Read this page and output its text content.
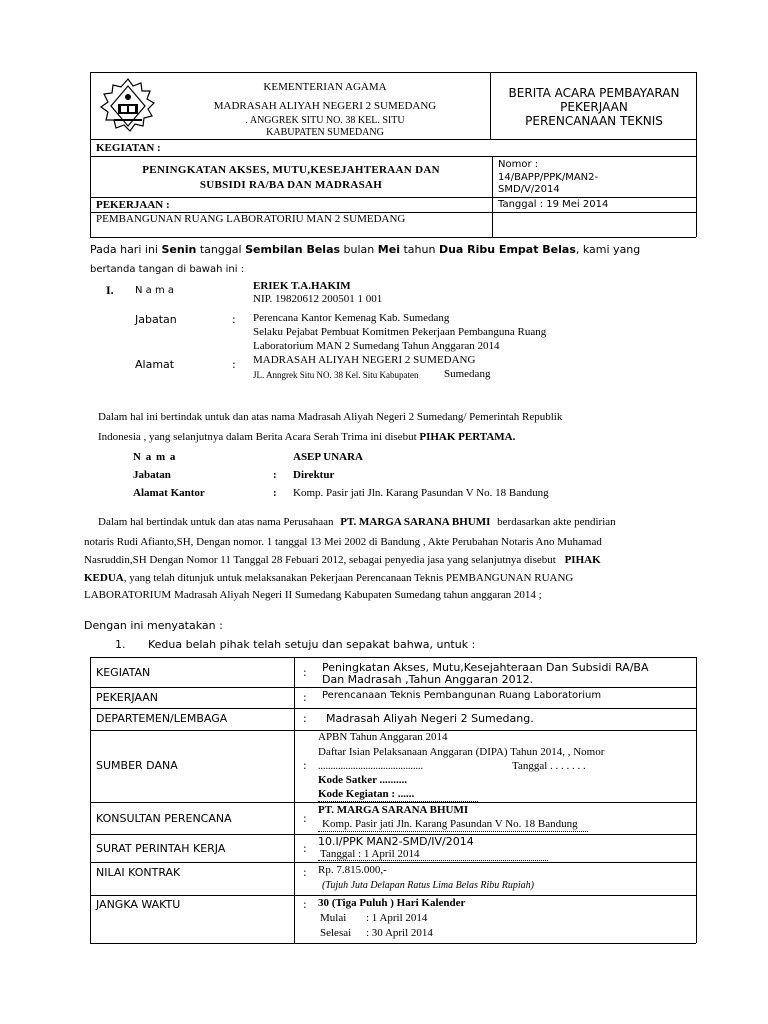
KEMENTERIAN AGAMA
MADRASAH ALIYAH NEGERI 2 SUMEDANG
. ANGGREK SITU NO. 38 KEL. SITU
KABUPATEN SUMEDANG
BERITA ACARA PEMBAYARAN
PEKERJAAN
PERENCANAAN TEKNIS
KEGIATAN :
PENINGKATAN AKSES, MUTU,KESEJAHTERAAN DAN
SUBSIDI RA/BA DAN MADRASAH
Nomor :
14/BAPP/PPK/MAN2-
SMD/V/2014
PEKERJAAN :
PEMBANGUNAN RUANG LABORATORIU MAN 2 SUMEDANG
Tanggal : 19 Mei 2014
Pada hari ini Senin tanggal Sembilan Belas bulan Mei tahun Dua Ribu Empat Belas, kami yang
bertanda tangan di bawah ini :
I. N a m a	ERIEK T.A.HAKIM
NIP. 19820612 200501 1 001
Jabatan	: Perencana Kantor Kemenag Kab. Sumedang
Selaku Pejabat Pembuat Komitmen Pekerjaan Pembanguna Ruang
Laboratorium MAN 2 Sumedang Tahun Anggaran 2014
Alamat	: MADRASAH ALIYAH NEGERI 2 SUMEDANG
JL. Anngrek Situ NO. 38 Kel. Situ Kabupaten Sumedang
Dalam hal ini bertindak untuk dan atas nama Madrasah Aliyah Negeri 2 Sumedang/ Pemerintah Republik
Indonesia , yang selanjutnya dalam Berita Acara Serah Trima ini disebut PIHAK PERTAMA.
N a m a	ASEP UNARA
Jabatan	: Direktur
Alamat Kantor	: Komp. Pasir jati Jln. Karang Pasundan V No. 18 Bandung
Dalam hal bertindak untuk dan atas nama Perusahaan PT. MARGA SARANA BHUMI berdasarkan akte pendirian
notaris Rudi Afianto,SH, Dengan nomor. 1 tanggal 13 Mei 2002 di Bandung , Akte Perubahan Notaris Ano Muhamad
Nasruddin,SH Dengan Nomor 11 Tanggal 28 Febuari 2012, sebagai penyedia jasa yang selanjutnya disebut PIHAK
KEDUA, yang telah ditunjuk untuk melaksanakan Pekerjaan Perencanaan Teknis PEMBANGUNAN RUANG
LABORATORIUM Madrasah Aliyah Negeri II Sumedang Kabupaten Sumedang tahun anggaran 2014 ;
Dengan ini menyatakan :
1. Kedua belah pihak telah setuju dan sepakat bahwa, untuk :
KEGIATAN	: Peningkatan Akses, Mutu,Kesejahteraan Dan Subsidi RA/BA
Dan Madrasah ,Tahun Anggaran 2012.
PEKERJAAN	: Perencanaan Teknis Pembangunan Ruang Laboratorium
DEPARTEMEN/LEMBAGA	: Madrasah Aliyah Negeri 2 Sumedang.
SUMBER DANA	:
APBN Tahun Anggaran 2014
Daftar Isian Pelaksanaan Anggaran (DIPA) Tahun 2014, , Nomor
..........................................	Tanggal . . . . . . .
Kode Satker ..........
Kode Kegiatan : ......
KONSULTAN PERENCANA	:
PT. MARGA SARANA BHUMI
Komp. Pasir jati Jln. Karang Pasundan V No. 18 Bandung
SURAT PERINTAH KERJA	:
10.I/PPK MAN2-SMD/IV/2014
Tanggal : 1 April 2014
NILAI KONTRAK	: Rp. 7.815.000,-
(Tujuh Juta Delapan Ratus Lima Belas Ribu Rupiah)
JANGKA WAKTU	: 30 (Tiga Puluh ) Hari Kalender
Mulai : 1 April 2014
Selesai : 30 April 2014
